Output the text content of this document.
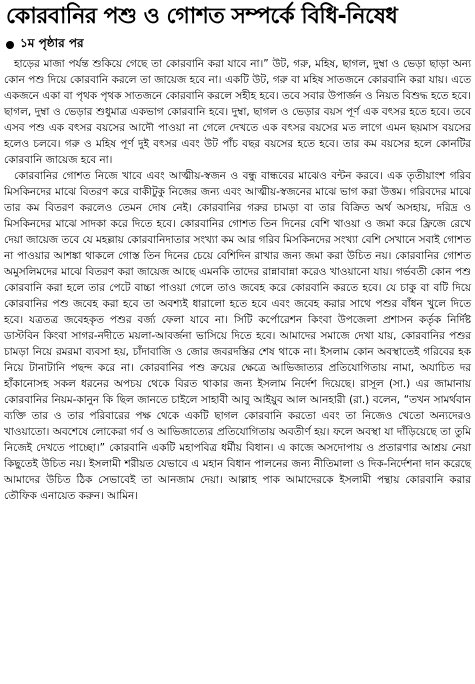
কোরবানির পশু ও গোশত সম্পর্কে বিধি-নিষেধ
১ম পৃষ্ঠার পর

হাড়ের মাজা পর্যন্ত শুকিয়ে গেছে তা কোরবানি করা যাবে না।” উট, গরু, মহিষ, ছাগল, দুম্বা ও ভেড়া ছাড়া অন্য কোন পশু দিয়ে কোরবানি করলে তা জায়েজ হবে না। একটি উট, গরু বা মহিষ সাতজনে কোরবানি করা যায়। এতে একজনে একা বা পৃথক পৃথক সাতজনে কোরবানি করলে সহীহ হবে। তবে সবার উপার্জন ও নিয়ত বিশুদ্ধ হতে হবে। ছাগল, দুম্বা ও ভেড়ার শুধুমাত্র একভাগ কোরবানি হবে। দুম্বা, ছাগল ও ভেড়ার বয়স পূর্ণ এক বৎসর হতে হবে। তবে এসব পশু এক বৎসর বয়সের আদৌ পাওয়া না গেলে দেখতে এক বৎসর বয়সের মত লাগে এমন ছয়মাস বয়সের হলেও চলবে। গরু ও মহিষ পূর্ণ দুই বৎসর এবং উট পাঁচ বছর বয়সের হতে হবে। তার কম বয়সের হলে কোনটির কোরবানি জায়েজ হবে না।

কোরবানির গোশত নিজে খাবে এবং আত্মীয়-স্বজন ও বন্ধু বান্ধবের মাঝেও বন্টন করবে। এক তৃতীয়াংশ গরিব মিসকিনদের মাঝে বিতরণ করে বাকীটুকু নিজের জন্য এবং আত্মীয়-স্বজনের মাঝে ভাগ করা উত্তম। গরিবদের মাঝে তার কম বিতরণ করলেও তেমন দোষ নেই। কোরবানির গরুর চামড়া বা তার বিক্রিত অর্থ অসহায়, দরিদ্র ও মিসকিনদের মাঝে সাদকা করে দিতে হবে। কোরবানির গোশত তিন দিনের বেশি খাওয়া ও জমা করে ফ্রিজে রেখে দেয়া জায়েজ তবে যে মহল্লায় কোরবানিদাতার সংখ্যা কম আর গরিব মিসকিনদের সংখ্যা বেশি সেখানে সবাই গোশত না পাওয়ার আশঙ্কা থাকলে গোস্ত তিন দিনের চেয়ে বেশিদিন রাখার জন্য জমা করা উচিত নয়। কোরবানির গোশত অমুসলিমদের মাঝে বিতরণ করা জায়েজ আছে এমনকি তাদের রান্নাবান্না করেও খাওয়ানো যায়। গর্ভবতী কোন পশু কোরবানি করা হলে তার পেটে বাচ্চা পাওয়া গেলে তাও জবেহ করে কোরবানি করতে হবে। যে চাকু বা বটি দিয়ে কোরবানির পশু জবেহ করা হবে তা অবশ্যই ধারালো হতে হবে এবং জবেহ করার সাথে পশুর বাঁধন খুলে দিতে হবে। যত্রতত্র জবেহকৃত পশুর বর্জ্য ফেলা যাবে না। সিটি কর্পোরেশন কিংবা উপজেলা প্রশাসন কর্তৃক নির্দিষ্ট ডাস্টবিন কিংবা সাগর-নদীতে ময়লা-আবর্জনা ভাসিয়ে দিতে হবে। আমাদের সমাজে দেখা যায়, কোরবানির পশুর চামড়া নিয়ে রমরমা ব্যবসা হয়, চাঁদাবাজি ও জোর জবরদস্তির শেষ থাকে না। ইসলাম কোন অবস্থাতেই গরিবের হক নিয়ে টানাটানি পছন্দ করে না। কোরবানির পশু ক্রয়ের ক্ষেত্রে আভিজাত্যর প্রতিযোগিতায় নামা, অযাচিত দর হাঁকানোসহ সকল ধরনের অপচয় থেকে বিরত থাকার জন্য ইসলাম নির্দেশ দিয়েছে। রাসূল (সা.) এর জামানায় কোরবানির নিয়ম-কানুন কি ছিল জানতে চাইলে সাহাবী আবু আইয়ুব আল আনহারী (রা.) বলেন, “তখন সামর্থবান ব্যক্তি তার ও তার পরিবারের পক্ষ থেকে একটি ছাগল কোরবানি করতো এবং তা নিজেও খেতো অন্যদেরও খাওয়াতো। অবশেষে লোকেরা গর্ব ও আভিজাত্যের প্রতিযোগিতায় অবতীর্ণ হয়। ফলে অবস্থা যা দাঁড়িয়েছে তা তুমি নিজেই দেখতে পাচ্ছো।” কোরবানি একটি মহাপবিত্র ধর্মীয় বিধান। এ কাজে অসদোপায় ও প্রতারণার আশ্রয় নেয়া কিছুতেই উচিত নয়। ইসলামী শরীয়ত যেভাবে এ মহান বিধান পালনের জন্য নীতিমালা ও দিক-নির্দেশনা দান করেছে আমাদের উচিত ঠিক সেভাবেই তা আনজাম দেয়া। আল্লাহ পাক আমাদেরকে ইসলামী পন্থায় কোরবানি করার তৌফিক এনায়েত করুন। আমিন।
